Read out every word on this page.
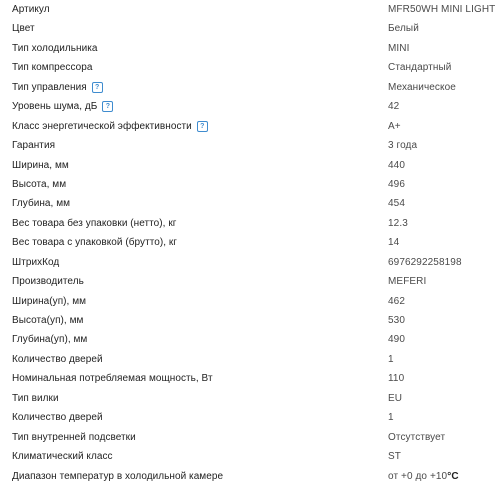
Артикул	MFR50WH MINI LIGHT
Цвет	Белый
Тип холодильника	MINI
Тип компрессора	Стандартный
Тип управления	?	Механическое
Уровень шума, дБ	?	42
Класс энергетической эффективности	?	A+
Гарантия	3 года
Ширина, мм	440
Высота, мм	496
Глубина, мм	454
Вес товара без упаковки (нетто), кг	12.3
Вес товара с упаковкой (брутто), кг	14
ШтрихКод	6976292258198
Производитель	MEFERI
Ширина(уп), мм	462
Высота(уп), мм	530
Глубина(уп), мм	490
Количество дверей	1
Номинальная потребляемая мощность, Вт	110
Тип вилки	EU
Количество дверей	1
Тип внутренней подсветки	Отсутствует
Климатический класс	ST
Диапазон температур в холодильной камере	от +0 до +10°C
